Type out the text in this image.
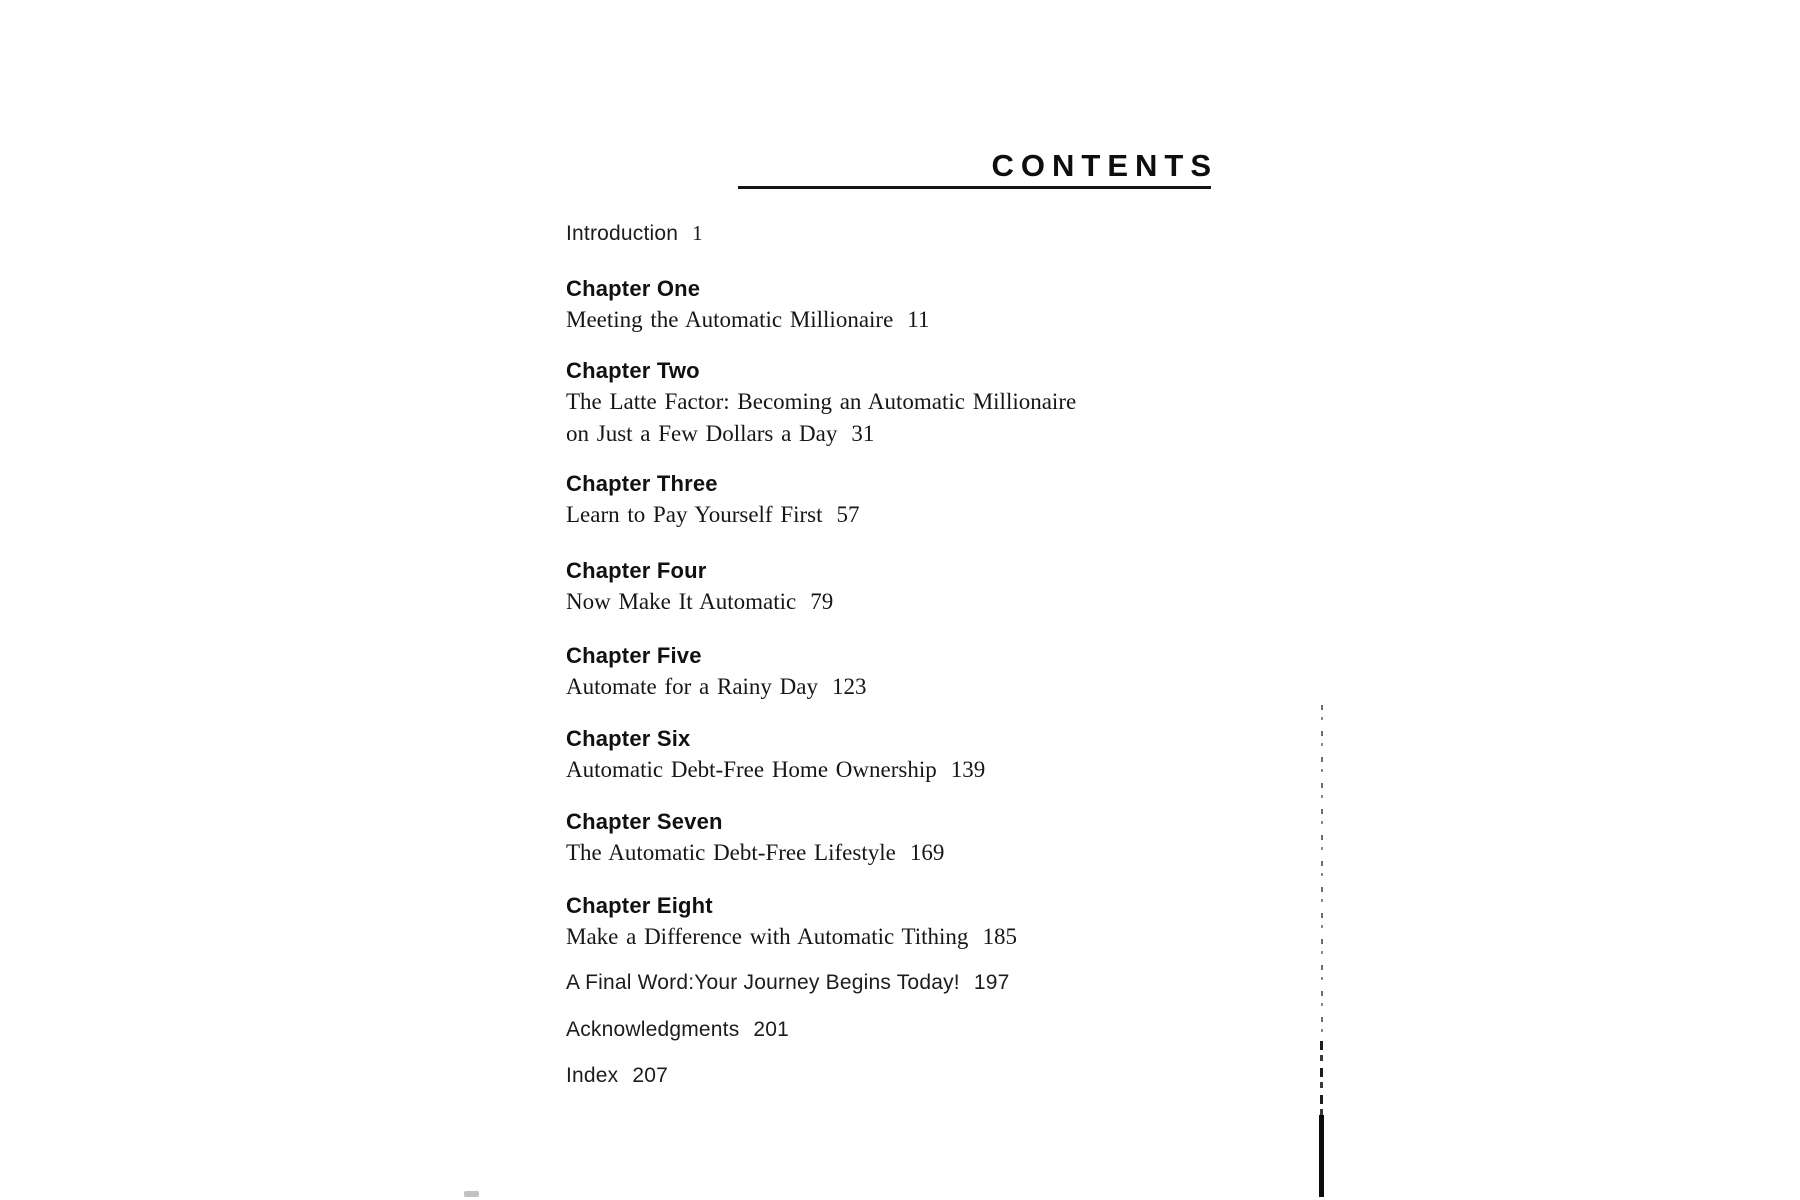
CONTENTS
Introduction 1
Chapter One
Meeting the Automatic Millionaire 11
Chapter Two
The Latte Factor: Becoming an Automatic Millionaire
on Just a Few Dollars a Day 31
Chapter Three
Learn to Pay Yourself First 57
Chapter Four
Now Make It Automatic 79
Chapter Five
Automate for a Rainy Day 123
Chapter Six
Automatic Debt-Free Home Ownership 139
Chapter Seven
The Automatic Debt-Free Lifestyle 169
Chapter Eight
Make a Difference with Automatic Tithing 185
A Final Word:Your Journey Begins Today! 197
Acknowledgments 201
Index 207
